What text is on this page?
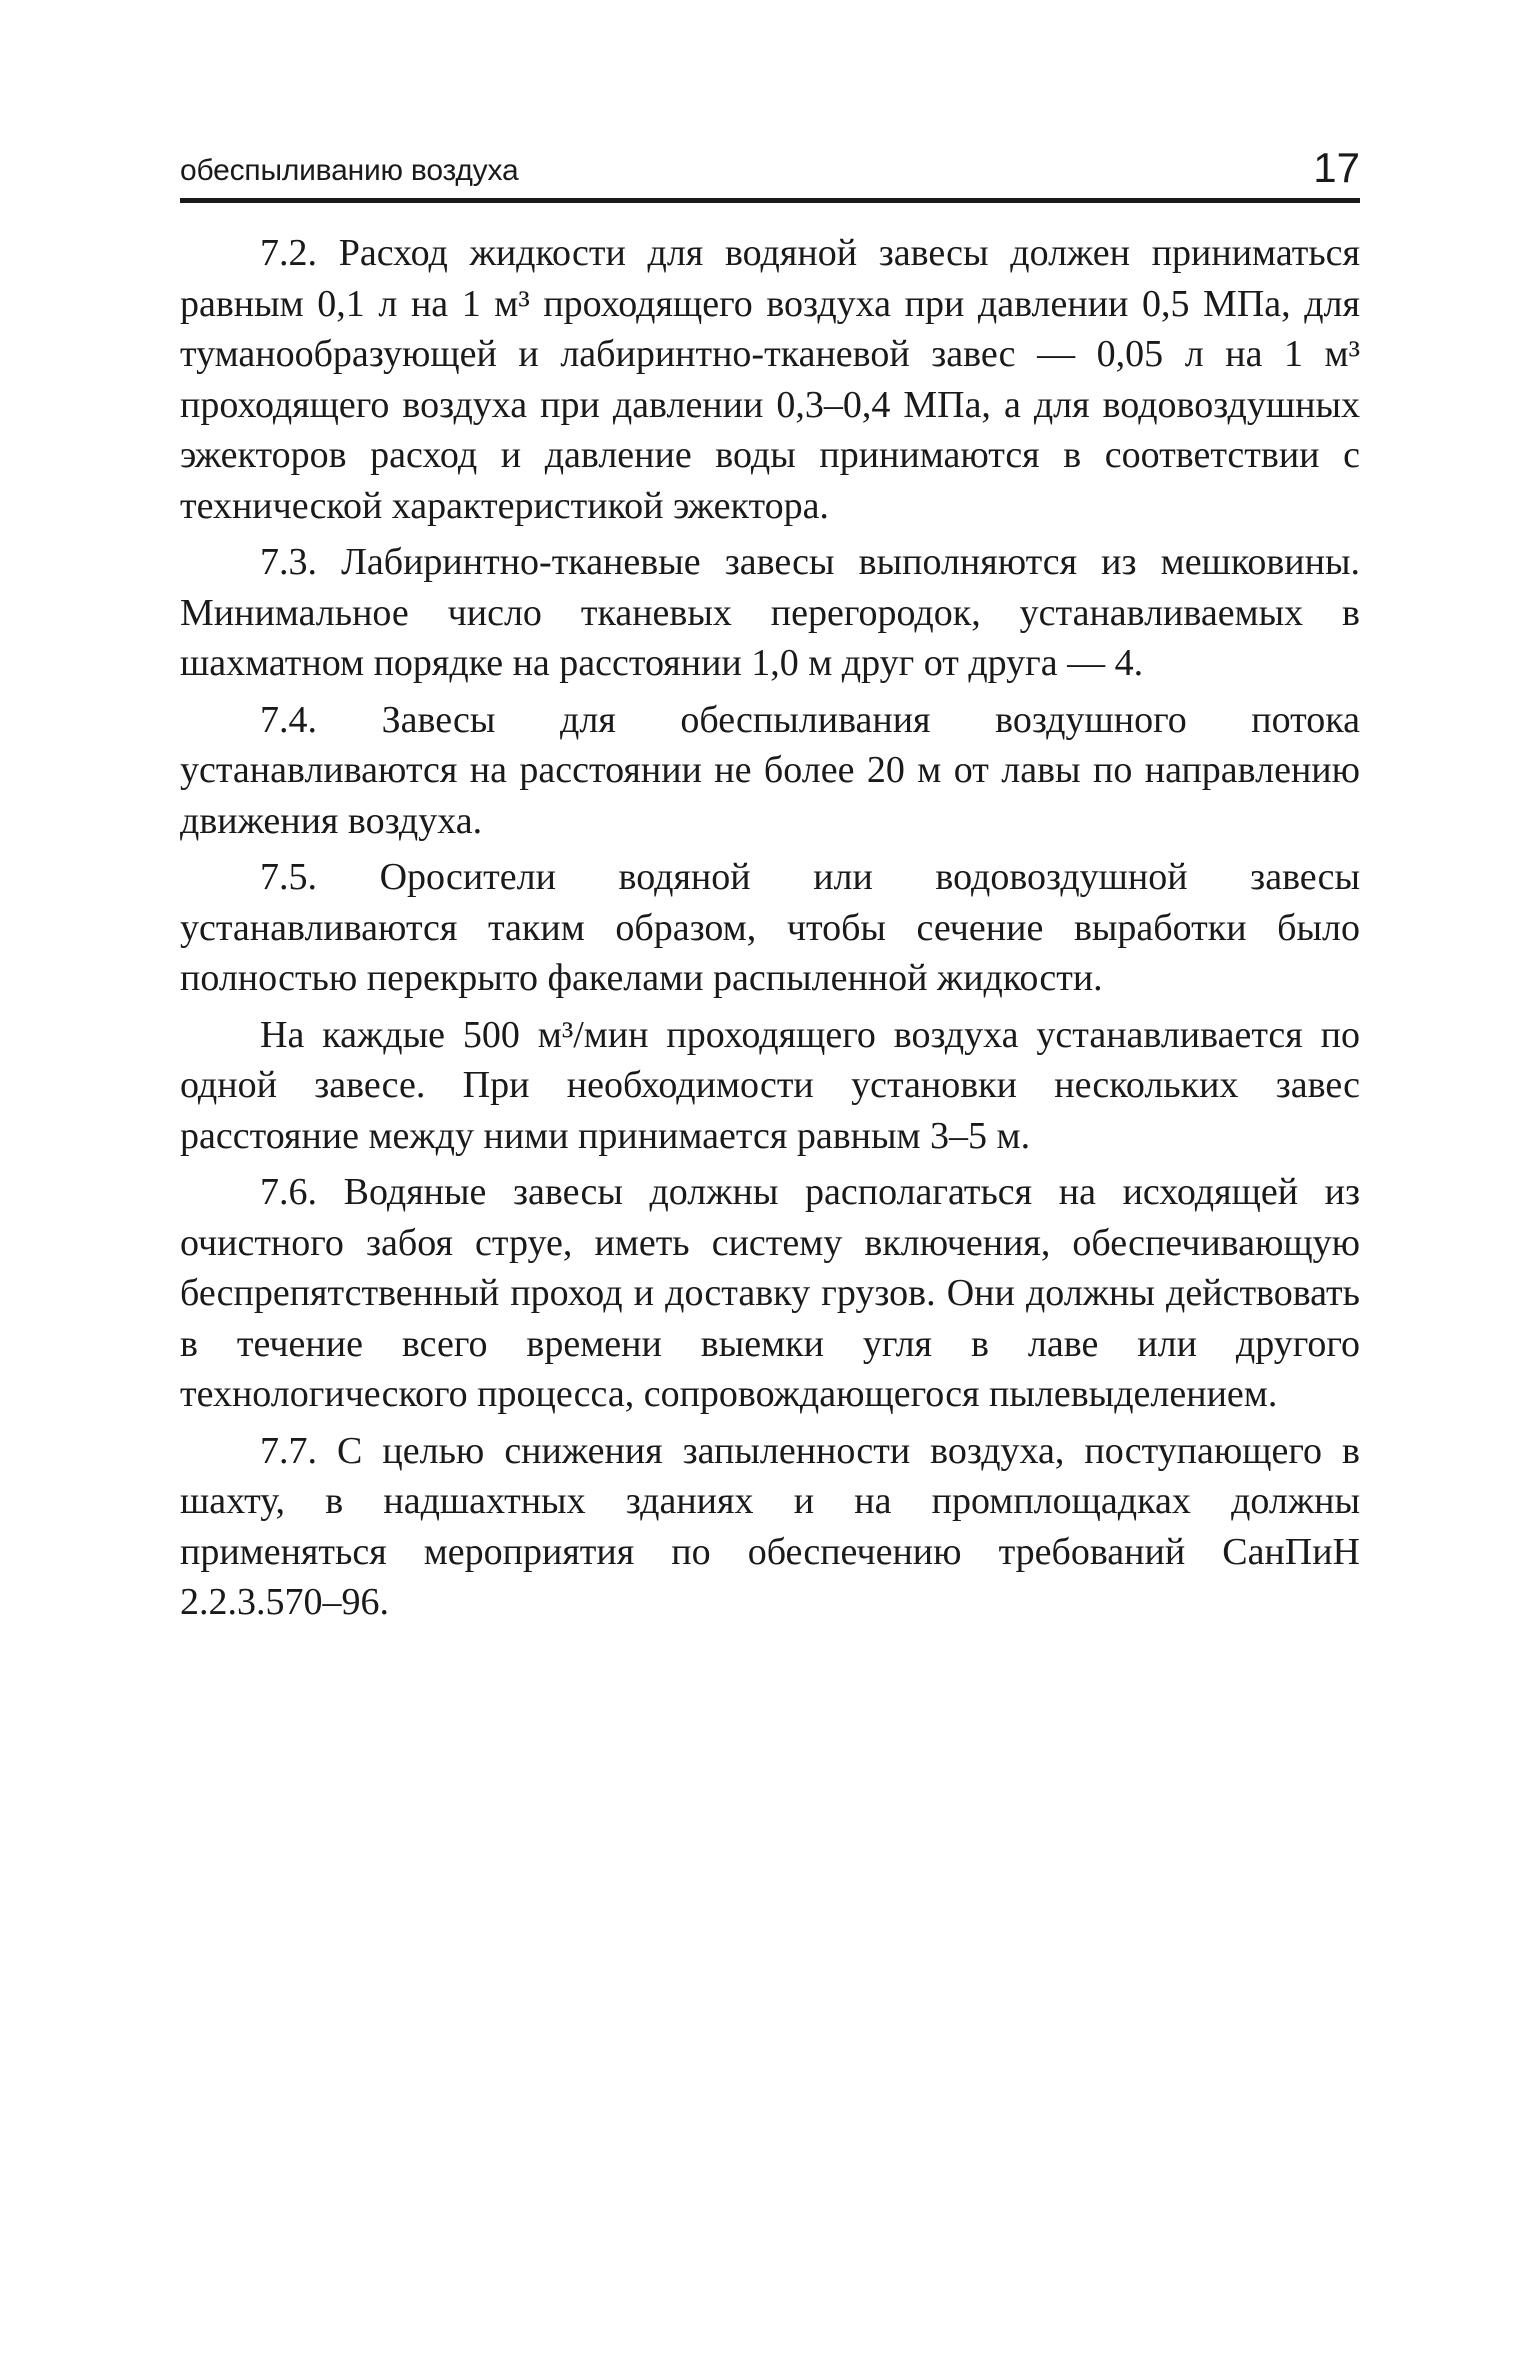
обеспыливанию воздуха	17

7.2. Расход жидкости для водяной завесы должен приниматься равным 0,1 л на 1 м³ проходящего воздуха при давлении 0,5 МПа, для туманообразующей и лабиринтно-тканевой завес — 0,05 л на 1 м³ проходящего воздуха при давлении 0,3–0,4 МПа, а для водовоздушных эжекторов расход и давление воды принимаются в соответствии с технической характеристикой эжектора.

7.3. Лабиринтно-тканевые завесы выполняются из мешковины. Минимальное число тканевых перегородок, устанавливаемых в шахматном порядке на расстоянии 1,0 м друг от друга — 4.

7.4. Завесы для обеспыливания воздушного потока устанавливаются на расстоянии не более 20 м от лавы по направлению движения воздуха.

7.5. Оросители водяной или водовоздушной завесы устанавливаются таким образом, чтобы сечение выработки было полностью перекрыто факелами распыленной жидкости.

На каждые 500 м³/мин проходящего воздуха устанавливается по одной завесе. При необходимости установки нескольких завес расстояние между ними принимается равным 3–5 м.

7.6. Водяные завесы должны располагаться на исходящей из очистного забоя струе, иметь систему включения, обеспечивающую беспрепятственный проход и доставку грузов. Они должны действовать в течение всего времени выемки угля в лаве или другого технологического процесса, сопровождающегося пылевыделением.

7.7. С целью снижения запыленности воздуха, поступающего в шахту, в надшахтных зданиях и на промплощадках должны применяться мероприятия по обеспечению требований СанПиН 2.2.3.570–96.
